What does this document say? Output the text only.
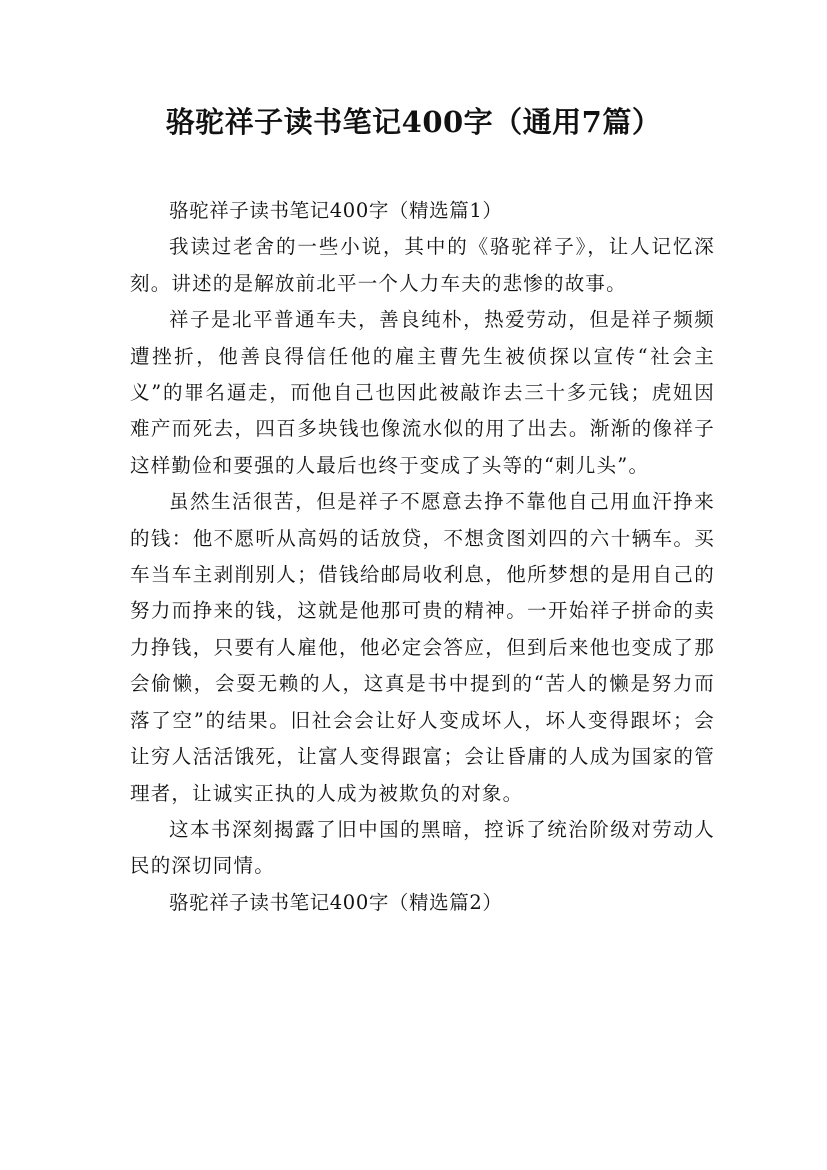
骆驼祥子读书笔记400字（通用7篇）

骆驼祥子读书笔记400字（精选篇1）

我读过老舍的一些小说，其中的《骆驼祥子》，让人记忆深刻。讲述的是解放前北平一个人力车夫的悲惨的故事。

祥子是北平普通车夫，善良纯朴，热爱劳动，但是祥子频频遭挫折，他善良得信任他的雇主曹先生被侦探以宣传“社会主义”的罪名逼走，而他自己也因此被敲诈去三十多元钱；虎妞因难产而死去，四百多块钱也像流水似的用了出去。渐渐的像祥子这样勤俭和要强的人最后也终于变成了头等的“刺儿头”。

虽然生活很苦，但是祥子不愿意去挣不靠他自己用血汗挣来的钱：他不愿听从高妈的话放贷，不想贪图刘四的六十辆车。买车当车主剥削别人；借钱给邮局收利息，他所梦想的是用自己的努力而挣来的钱，这就是他那可贵的精神。一开始祥子拼命的卖力挣钱，只要有人雇他，他必定会答应，但到后来他也变成了那会偷懒，会耍无赖的人，这真是书中提到的“苦人的懒是努力而落了空”的结果。旧社会会让好人变成坏人，坏人变得跟坏；会让穷人活活饿死，让富人变得跟富；会让昏庸的人成为国家的管理者，让诚实正执的人成为被欺负的对象。

这本书深刻揭露了旧中国的黑暗，控诉了统治阶级对劳动人民的深切同情。

骆驼祥子读书笔记400字（精选篇2）
